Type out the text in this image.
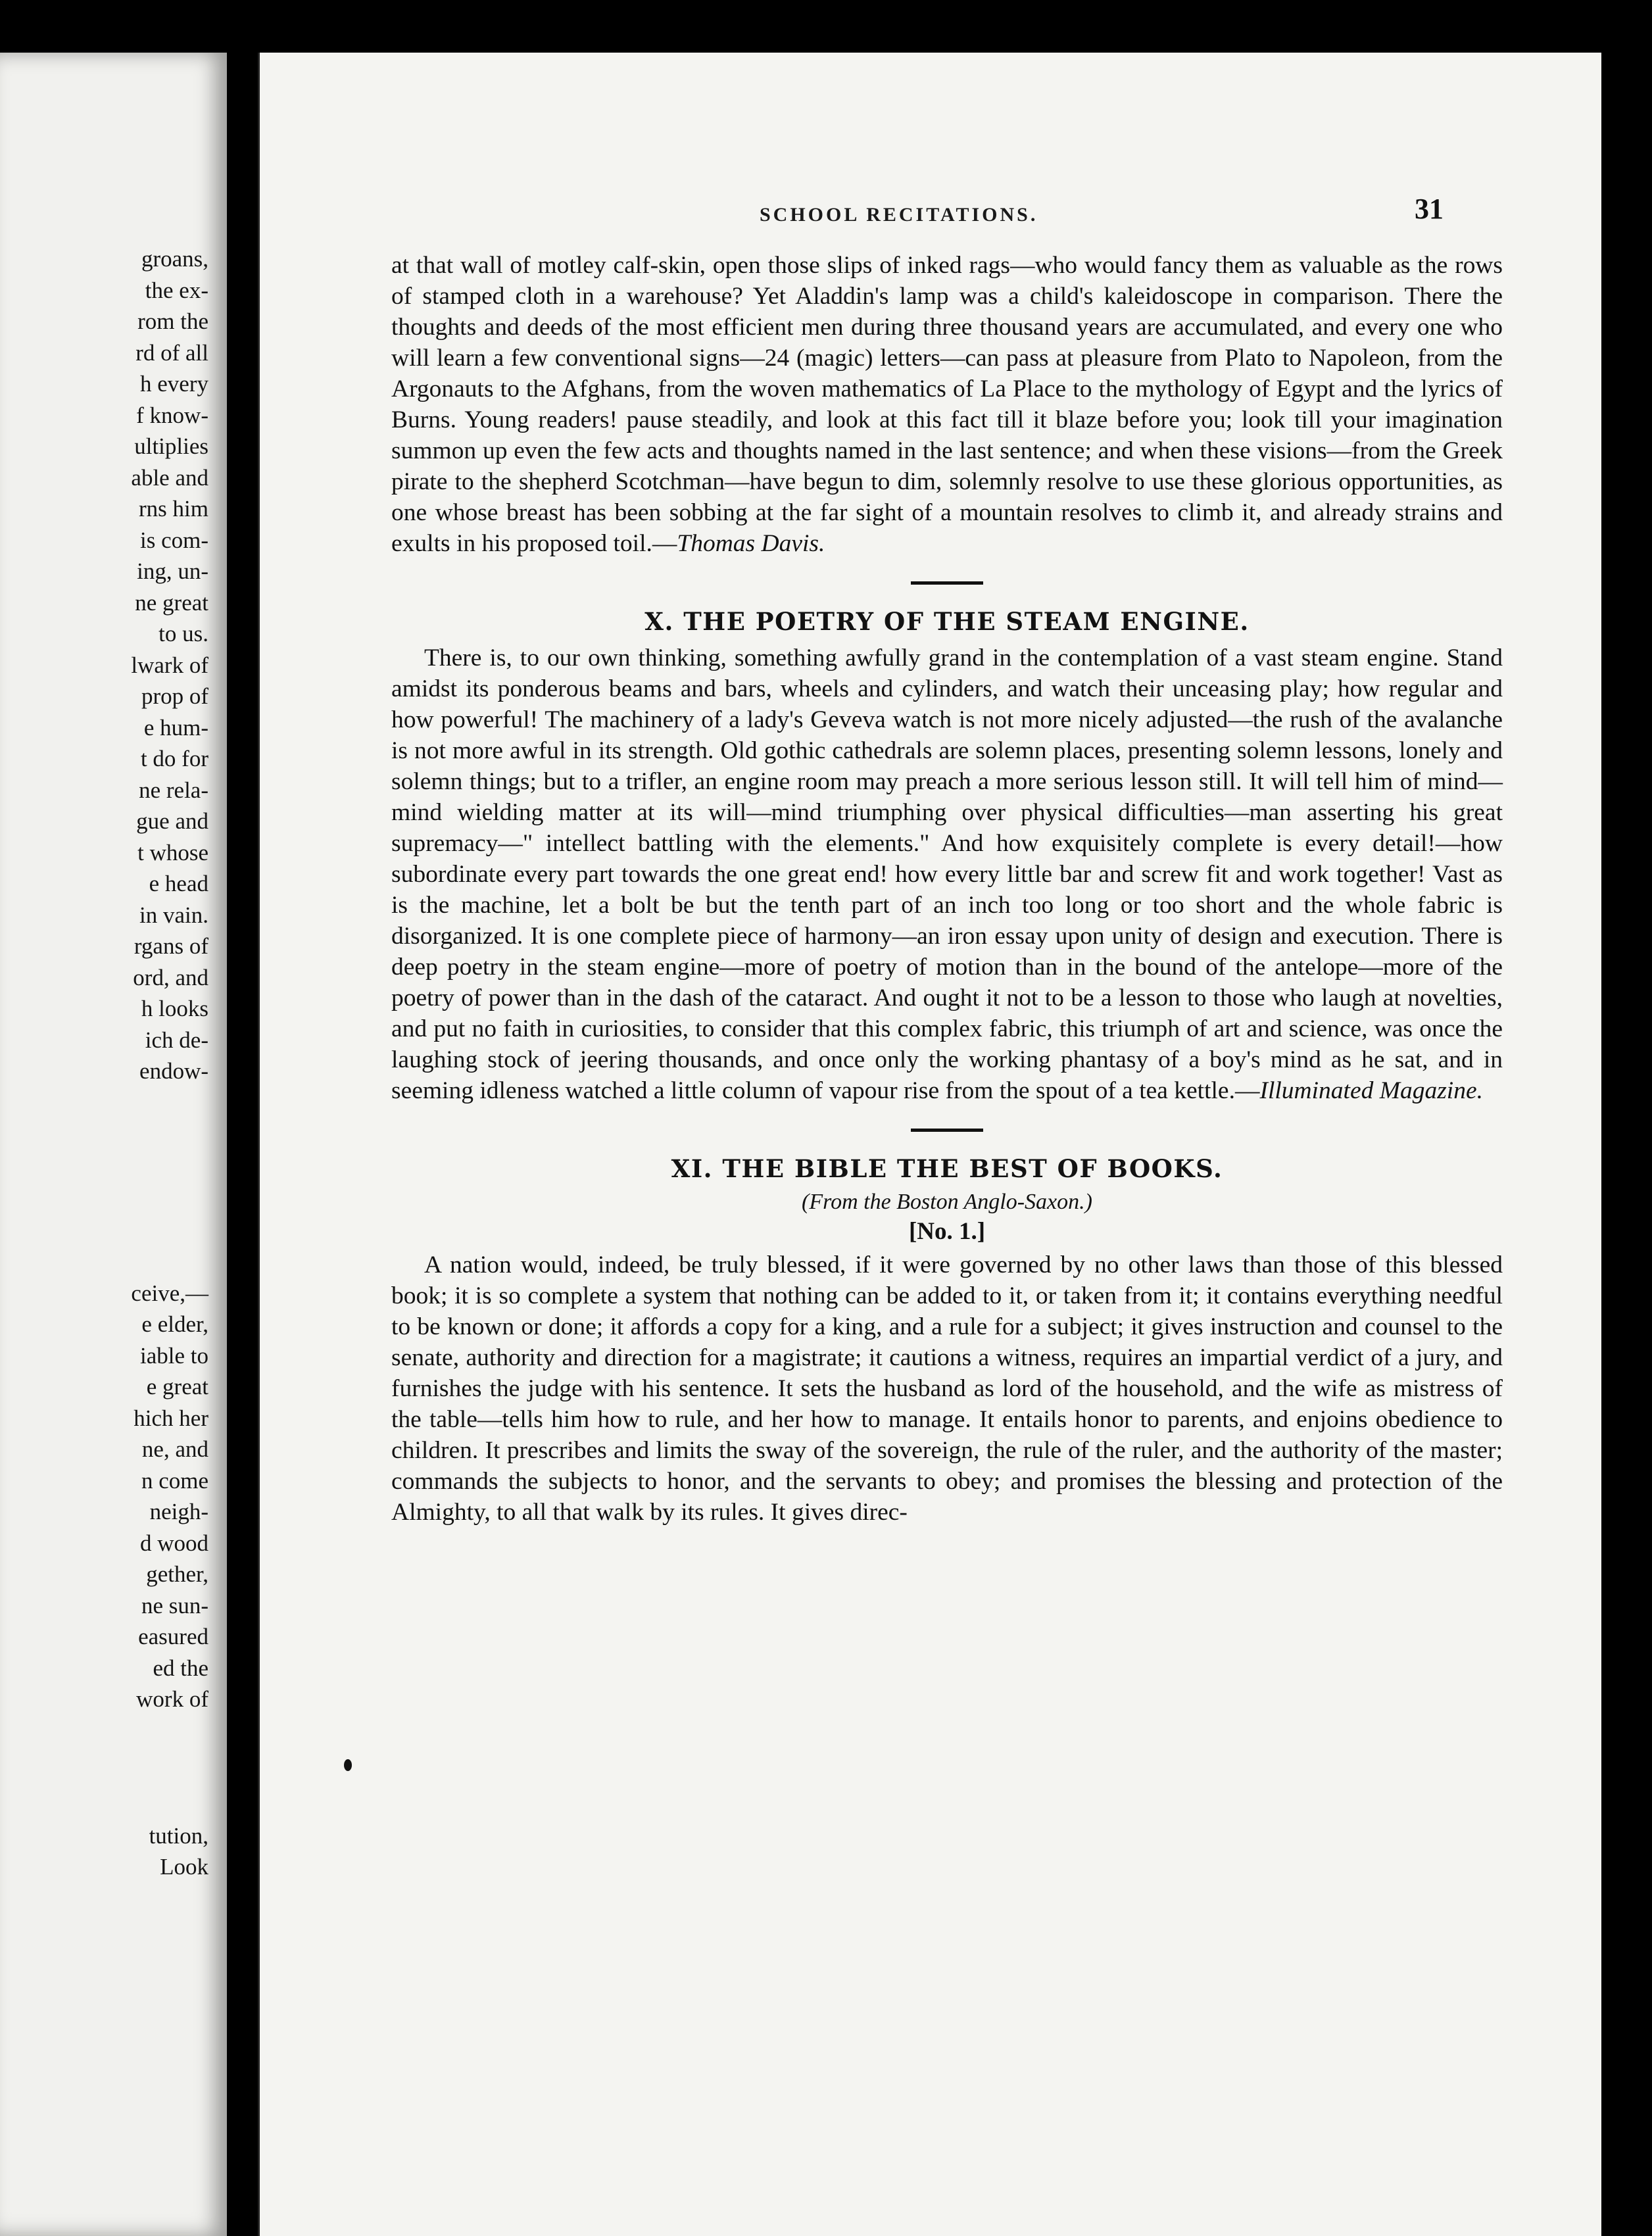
groans,
the ex-
rom the
rd of all
h every
f know-
ultiplies
able and
rns him
is com-
ing, un-
ne great
to us.
lwark of
prop of
e hum-
t do for
ne rela-
gue and
t whose
e head
in vain.
rgans of
ord, and
h looks
ich de-
endow-
ceive,—
e elder,
iable to
e great
hich her
ne, and
n come
neigh-
d wood
gether,
ne sun-
easured
ed the
work of
tution,
Look
SCHOOL RECITATIONS.	31

at that wall of motley calf-skin, open those slips of inked rags—who would fancy them as valuable as the rows of stamped cloth in a warehouse? Yet Aladdin's lamp was a child's kaleidoscope in comparison. There the thoughts and deeds of the most efficient men during three thousand years are accumulated, and every one who will learn a few conventional signs—24 (magic) letters—can pass at pleasure from Plato to Napoleon, from the Argonauts to the Afghans, from the woven mathematics of La Place to the mythology of Egypt and the lyrics of Burns. Young readers! pause steadily, and look at this fact till it blaze before you; look till your imagination summon up even the few acts and thoughts named in the last sentence; and when these visions—from the Greek pirate to the shepherd Scotchman—have begun to dim, solemnly resolve to use these glorious opportunities, as one whose breast has been sobbing at the far sight of a mountain resolves to climb it, and already strains and exults in his proposed toil.—Thomas Davis.

X. THE POETRY OF THE STEAM ENGINE.

There is, to our own thinking, something awfully grand in the contemplation of a vast steam engine. Stand amidst its ponderous beams and bars, wheels and cylinders, and watch their unceasing play; how regular and how powerful! The machinery of a lady's Geveva watch is not more nicely adjusted—the rush of the avalanche is not more awful in its strength. Old gothic cathedrals are solemn places, presenting solemn lessons, lonely and solemn things; but to a trifler, an engine room may preach a more serious lesson still. It will tell him of mind—mind wielding matter at its will—mind triumphing over physical difficulties—man asserting his great supremacy—" intellect battling with the elements." And how exquisitely complete is every detail!—how subordinate every part towards the one great end! how every little bar and screw fit and work together! Vast as is the machine, let a bolt be but the tenth part of an inch too long or too short and the whole fabric is disorganized. It is one complete piece of harmony—an iron essay upon unity of design and execution. There is deep poetry in the steam engine—more of poetry of motion than in the bound of the antelope—more of the poetry of power than in the dash of the cataract. And ought it not to be a lesson to those who laugh at novelties, and put no faith in curiosities, to consider that this complex fabric, this triumph of art and science, was once the laughing stock of jeering thousands, and once only the working phantasy of a boy's mind as he sat, and in seeming idleness watched a little column of vapour rise from the spout of a tea kettle.—Illuminated Magazine.

XI. THE BIBLE THE BEST OF BOOKS.
(From the Boston Anglo-Saxon.)
[No. 1.]

A nation would, indeed, be truly blessed, if it were governed by no other laws than those of this blessed book; it is so complete a system that nothing can be added to it, or taken from it; it contains everything needful to be known or done; it affords a copy for a king, and a rule for a subject; it gives instruction and counsel to the senate, authority and direction for a magistrate; it cautions a witness, requires an impartial verdict of a jury, and furnishes the judge with his sentence. It sets the husband as lord of the household, and the wife as mistress of the table—tells him how to rule, and her how to manage. It entails honor to parents, and enjoins obedience to children. It prescribes and limits the sway of the sovereign, the rule of the ruler, and the authority of the master; commands the subjects to honor, and the servants to obey; and promises the blessing and protection of the Almighty, to all that walk by its rules. It gives direc-
